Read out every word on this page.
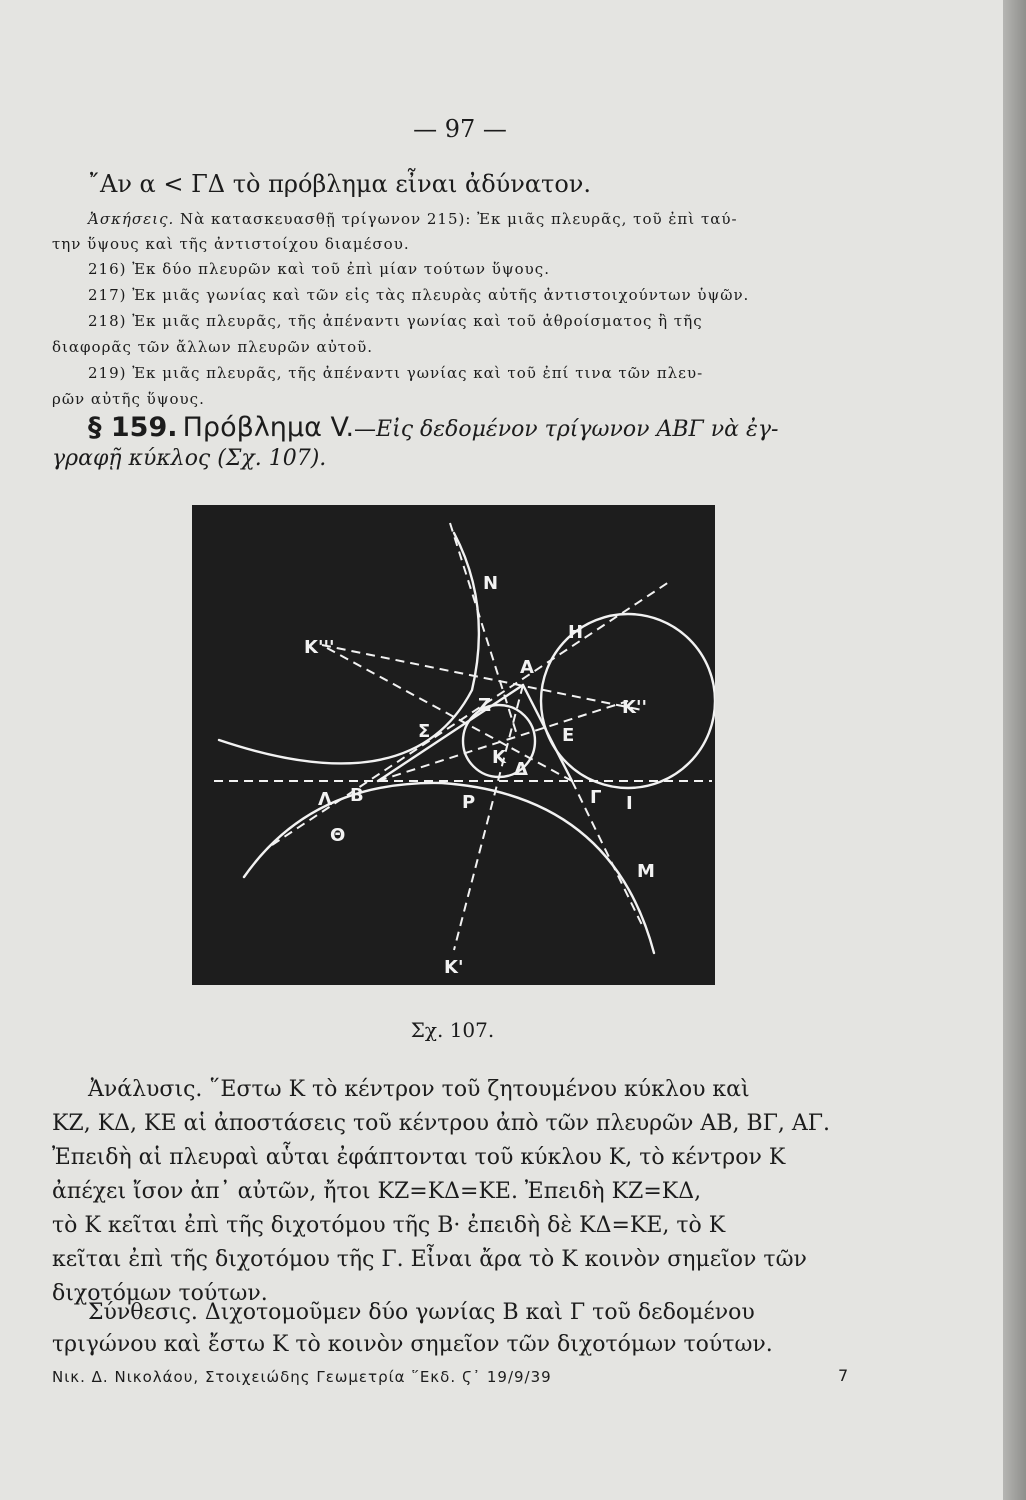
— 97 —
῎Αν α < ΓΔ τὸ πρόβλημα εἶναι ἀδύνατον.
Ἀσκήσεις. Νὰ κατασκευασθῇ τρίγωνον 215): Ἐκ μιᾶς πλευρᾶς, τοῦ ἐπὶ ταύ-
την ὕψους καὶ τῆς ἀντιστοίχου διαμέσου.
216) Ἐκ δύο πλευρῶν καὶ τοῦ ἐπὶ μίαν τούτων ὕψους.
217) Ἐκ μιᾶς γωνίας καὶ τῶν εἰς τὰς πλευρὰς αὐτῆς ἀντιστοιχούντων ὑψῶν.
218) Ἐκ μιᾶς πλευρᾶς, τῆς ἀπέναντι γωνίας καὶ τοῦ ἀθροίσματος ἢ τῆς
διαφορᾶς τῶν ἄλλων πλευρῶν αὐτοῦ.
219) Ἐκ μιᾶς πλευρᾶς, τῆς ἀπέναντι γωνίας καὶ τοῦ ἐπί τινα τῶν πλευ-
ρῶν αὐτῆς ὕψους.
§ 159. Πρόβλημα V.—Εἰς δεδομένον τρίγωνον ΑΒΓ νὰ ἐγ-
γραφῇ κύκλος (Σχ. 107).
N
K'''
H
A
K''
Z
Σ
K
E
Δ
Λ B	P	Γ I
Θ
M
K'
Σχ. 107.
Ἀνάλυσις. ῞Εστω Κ τὸ κέντρον τοῦ ζητουμένου κύκλου καὶ
ΚΖ, ΚΔ, ΚΕ αἱ ἀποστάσεις τοῦ κέντρου ἀπὸ τῶν πλευρῶν ΑΒ, ΒΓ, ΑΓ.
Ἐπειδὴ αἱ πλευραὶ αὗται ἐφάπτονται τοῦ κύκλου Κ, τὸ κέντρον Κ
ἀπέχει ἴσον ἀπ᾽ αὐτῶν, ἤτοι ΚΖ=ΚΔ=ΚΕ. Ἐπειδὴ ΚΖ=ΚΔ,
τὸ Κ κεῖται ἐπὶ τῆς διχοτόμου τῆς Β· ἐπειδὴ δὲ ΚΔ=ΚΕ, τὸ Κ
κεῖται ἐπὶ τῆς διχοτόμου τῆς Γ. Εἶναι ἄρα τὸ Κ κοινὸν σημεῖον τῶν
διχοτόμων τούτων.
Σύνθεσις. Διχοτομοῦμεν δύο γωνίας Β καὶ Γ τοῦ δεδομένου
τριγώνου καὶ ἔστω Κ τὸ κοινὸν σημεῖον τῶν διχοτόμων τούτων.
Νικ. Δ. Νικολάου, Στοιχειώδης Γεωμετρία ῞Εκδ. Ϛ᾽ 19/9/39	7
